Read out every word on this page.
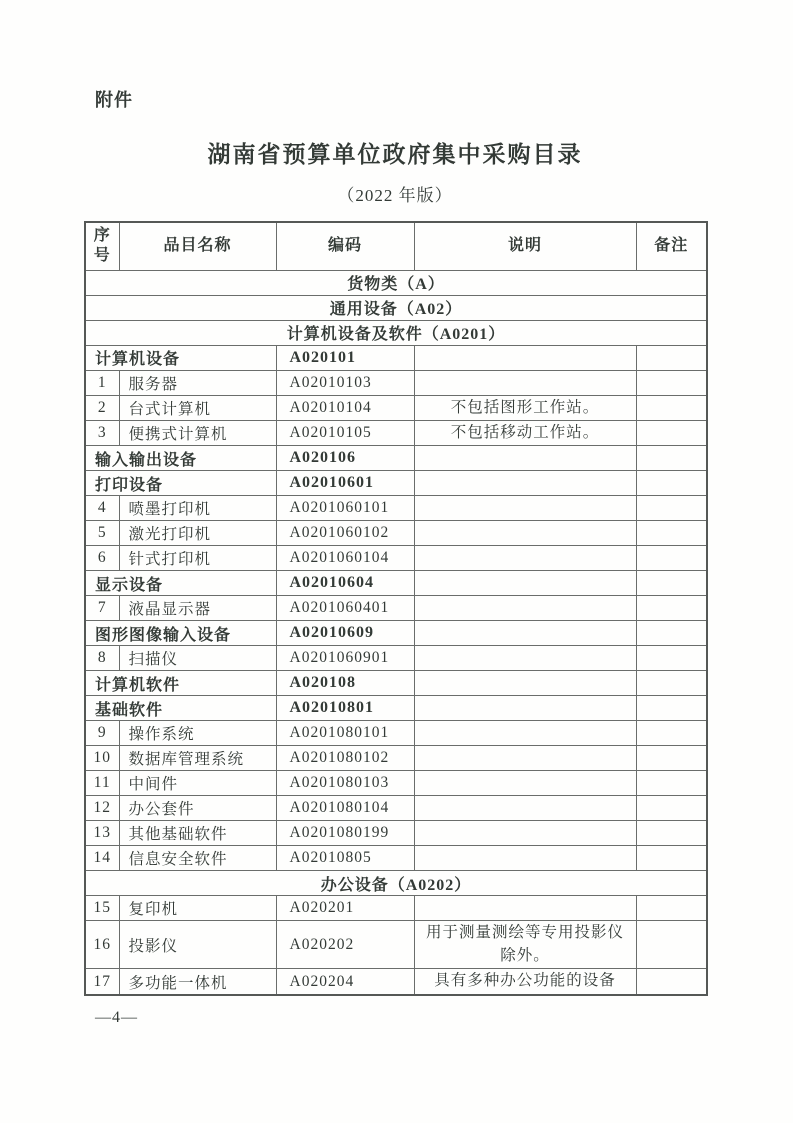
附件
湖南省预算单位政府集中采购目录
（2022 年版）
序号	品目名称	编码	说明	备注
货物类（A）				
通用设备（A02）				
计算机设备及软件（A0201）				
计算机设备		A020101		
1	服务器	A02010103		
2	台式计算机	A02010104	不包括图形工作站。	
3	便携式计算机	A02010105	不包括移动工作站。	
输入输出设备		A020106		
打印设备		A02010601		
4	喷墨打印机	A0201060101		
5	激光打印机	A0201060102		
6	针式打印机	A0201060104		
显示设备		A02010604		
7	液晶显示器	A0201060401		
图形图像输入设备		A02010609		
8	扫描仪	A0201060901		
计算机软件		A020108		
基础软件		A02010801		
9	操作系统	A0201080101		
10	数据库管理系统	A0201080102		
11	中间件	A0201080103		
12	办公套件	A0201080104		
13	其他基础软件	A0201080199		
14	信息安全软件	A02010805		
办公设备（A0202）				
15	复印机	A020201		
16	投影仪	A020202	用于测量测绘等专用投影仪除外。	
17	多功能一体机	A020204	具有多种办公功能的设备	
—4—
